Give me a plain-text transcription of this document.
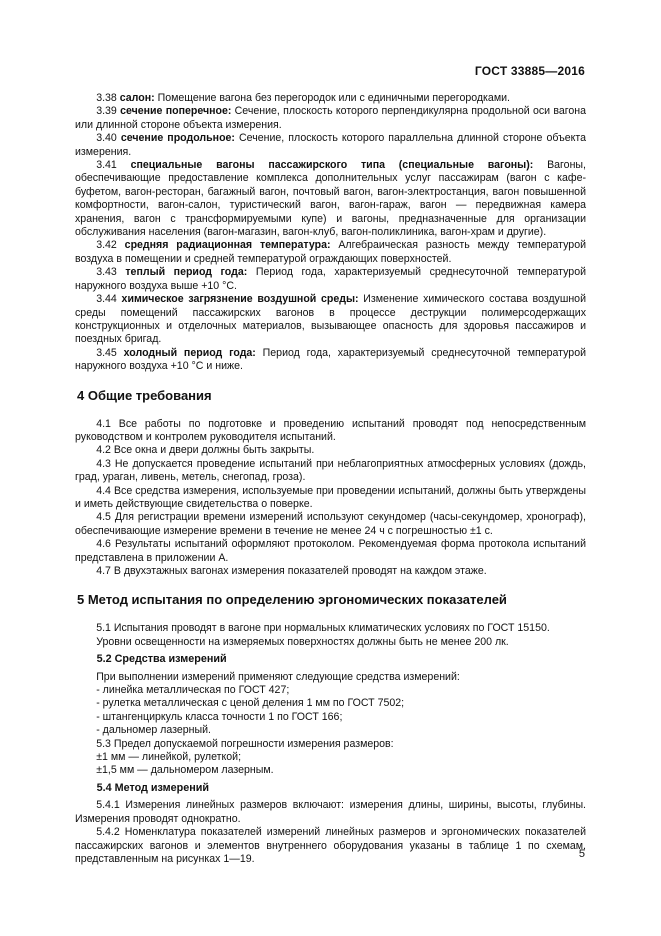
ГОСТ 33885—2016

3.38 салон: Помещение вагона без перегородок или с единичными перегородками.

3.39 сечение поперечное: Сечение, плоскость которого перпендикулярна продольной оси вагона или длинной стороне объекта измерения.

3.40 сечение продольное: Сечение, плоскость которого параллельна длинной стороне объекта измерения.

3.41 специальные вагоны пассажирского типа (специальные вагоны): Вагоны, обеспечивающие предоставление комплекса дополнительных услуг пассажирам (вагон с кафе-буфетом, вагон-ресторан, багажный вагон, почтовый вагон, вагон-электростанция, вагон повышенной комфортности, вагон-салон, туристический вагон, вагон-гараж, вагон — передвижная камера хранения, вагон с трансформируемыми купе) и вагоны, предназначенные для организации обслуживания населения (вагон-магазин, вагон-клуб, вагон-поликлиника, вагон-храм и другие).

3.42 средняя радиационная температура: Алгебраическая разность между температурой воздуха в помещении и средней температурой ограждающих поверхностей.

3.43 теплый период года: Период года, характеризуемый среднесуточной температурой наружного воздуха выше +10 °С.

3.44 химическое загрязнение воздушной среды: Изменение химического состава воздушной среды помещений пассажирских вагонов в процессе деструкции полимерсодержащих конструкционных и отделочных материалов, вызывающее опасность для здоровья пассажиров и поездных бригад.

3.45 холодный период года: Период года, характеризуемый среднесуточной температурой наружного воздуха +10 °С и ниже.

4 Общие требования

4.1 Все работы по подготовке и проведению испытаний проводят под непосредственным руководством и контролем руководителя испытаний.

4.2 Все окна и двери должны быть закрыты.

4.3 Не допускается проведение испытаний при неблагоприятных атмосферных условиях (дождь, град, ураган, ливень, метель, снегопад, гроза).

4.4 Все средства измерения, используемые при проведении испытаний, должны быть утверждены и иметь действующие свидетельства о поверке.

4.5 Для регистрации времени измерений используют секундомер (часы-секундомер, хронограф), обеспечивающие измерение времени в течение не менее 24 ч с погрешностью ±1 с.

4.6 Результаты испытаний оформляют протоколом. Рекомендуемая форма протокола испытаний представлена в приложении А.

4.7 В двухэтажных вагонах измерения показателей проводят на каждом этаже.

5 Метод испытания по определению эргономических показателей

5.1 Испытания проводят в вагоне при нормальных климатических условиях по ГОСТ 15150.

Уровни освещенности на измеряемых поверхностях должны быть не менее 200 лк.

5.2 Средства измерений

При выполнении измерений применяют следующие средства измерений:

- линейка металлическая по ГОСТ 427;

- рулетка металлическая с ценой деления 1 мм по ГОСТ 7502;

- штангенциркуль класса точности 1 по ГОСТ 166;

- дальномер лазерный.

5.3 Предел допускаемой погрешности измерения размеров:

±1 мм — линейкой, рулеткой;

±1,5 мм — дальномером лазерным.

5.4 Метод измерений

5.4.1 Измерения линейных размеров включают: измерения длины, ширины, высоты, глубины. Измерения проводят однократно.

5.4.2 Номенклатура показателей измерений линейных размеров и эргономических показателей пассажирских вагонов и элементов внутреннего оборудования указаны в таблице 1 по схемам, представленным на рисунках 1—19.	5
